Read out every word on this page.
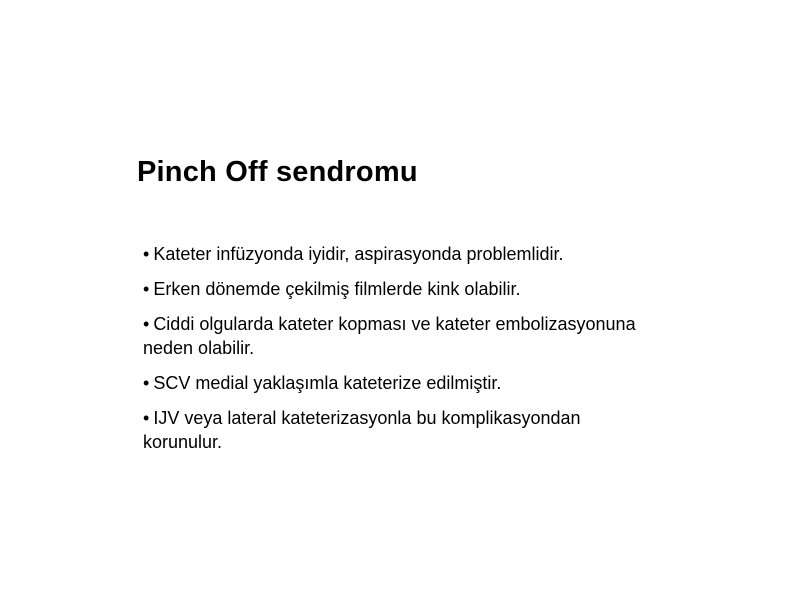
Pinch Off sendromu
• Kateter infüzyonda iyidir, aspirasyonda problemlidir.
• Erken dönemde çekilmiş filmlerde kink olabilir.
• Ciddi olgularda kateter kopması ve kateter embolizasyonuna neden olabilir.
• SCV medial yaklaşımla kateterize edilmiştir.
• IJV veya lateral kateterizasyonla bu komplikasyondan korunulur.
